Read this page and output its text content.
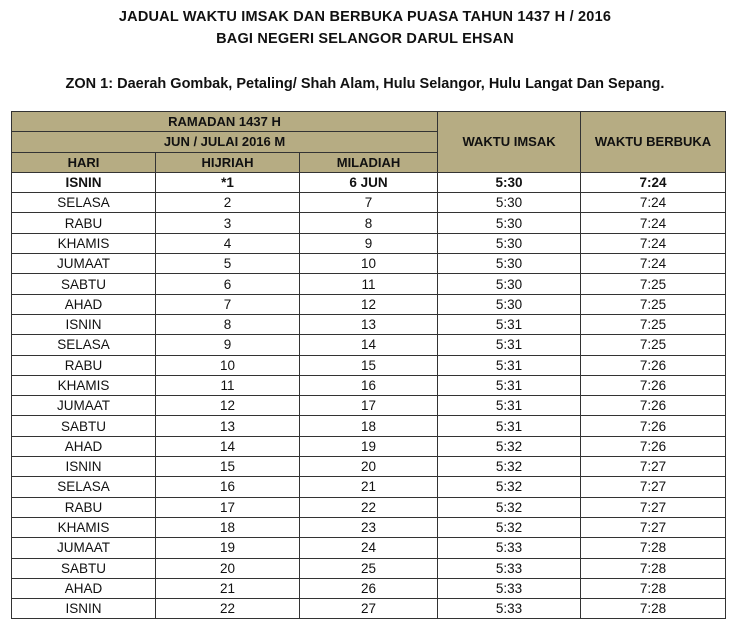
JADUAL WAKTU IMSAK DAN BERBUKA PUASA TAHUN 1437 H / 2016
BAGI NEGERI SELANGOR DARUL EHSAN
ZON 1: Daerah Gombak, Petaling/ Shah Alam, Hulu Selangor, Hulu Langat Dan Sepang.
RAMADAN 1437 H			WAKTU IMSAK	WAKTU BERBUKA
JUN / JULAI 2016 M				
HARI	HIJRIAH	MILADIAH		
ISNIN	*1	6 JUN	5:30	7:24
SELASA	2	7	5:30	7:24
RABU	3	8	5:30	7:24
KHAMIS	4	9	5:30	7:24
JUMAAT	5	10	5:30	7:24
SABTU	6	11	5:30	7:25
AHAD	7	12	5:30	7:25
ISNIN	8	13	5:31	7:25
SELASA	9	14	5:31	7:25
RABU	10	15	5:31	7:26
KHAMIS	11	16	5:31	7:26
JUMAAT	12	17	5:31	7:26
SABTU	13	18	5:31	7:26
AHAD	14	19	5:32	7:26
ISNIN	15	20	5:32	7:27
SELASA	16	21	5:32	7:27
RABU	17	22	5:32	7:27
KHAMIS	18	23	5:32	7:27
JUMAAT	19	24	5:33	7:28
SABTU	20	25	5:33	7:28
AHAD	21	26	5:33	7:28
ISNIN	22	27	5:33	7:28
